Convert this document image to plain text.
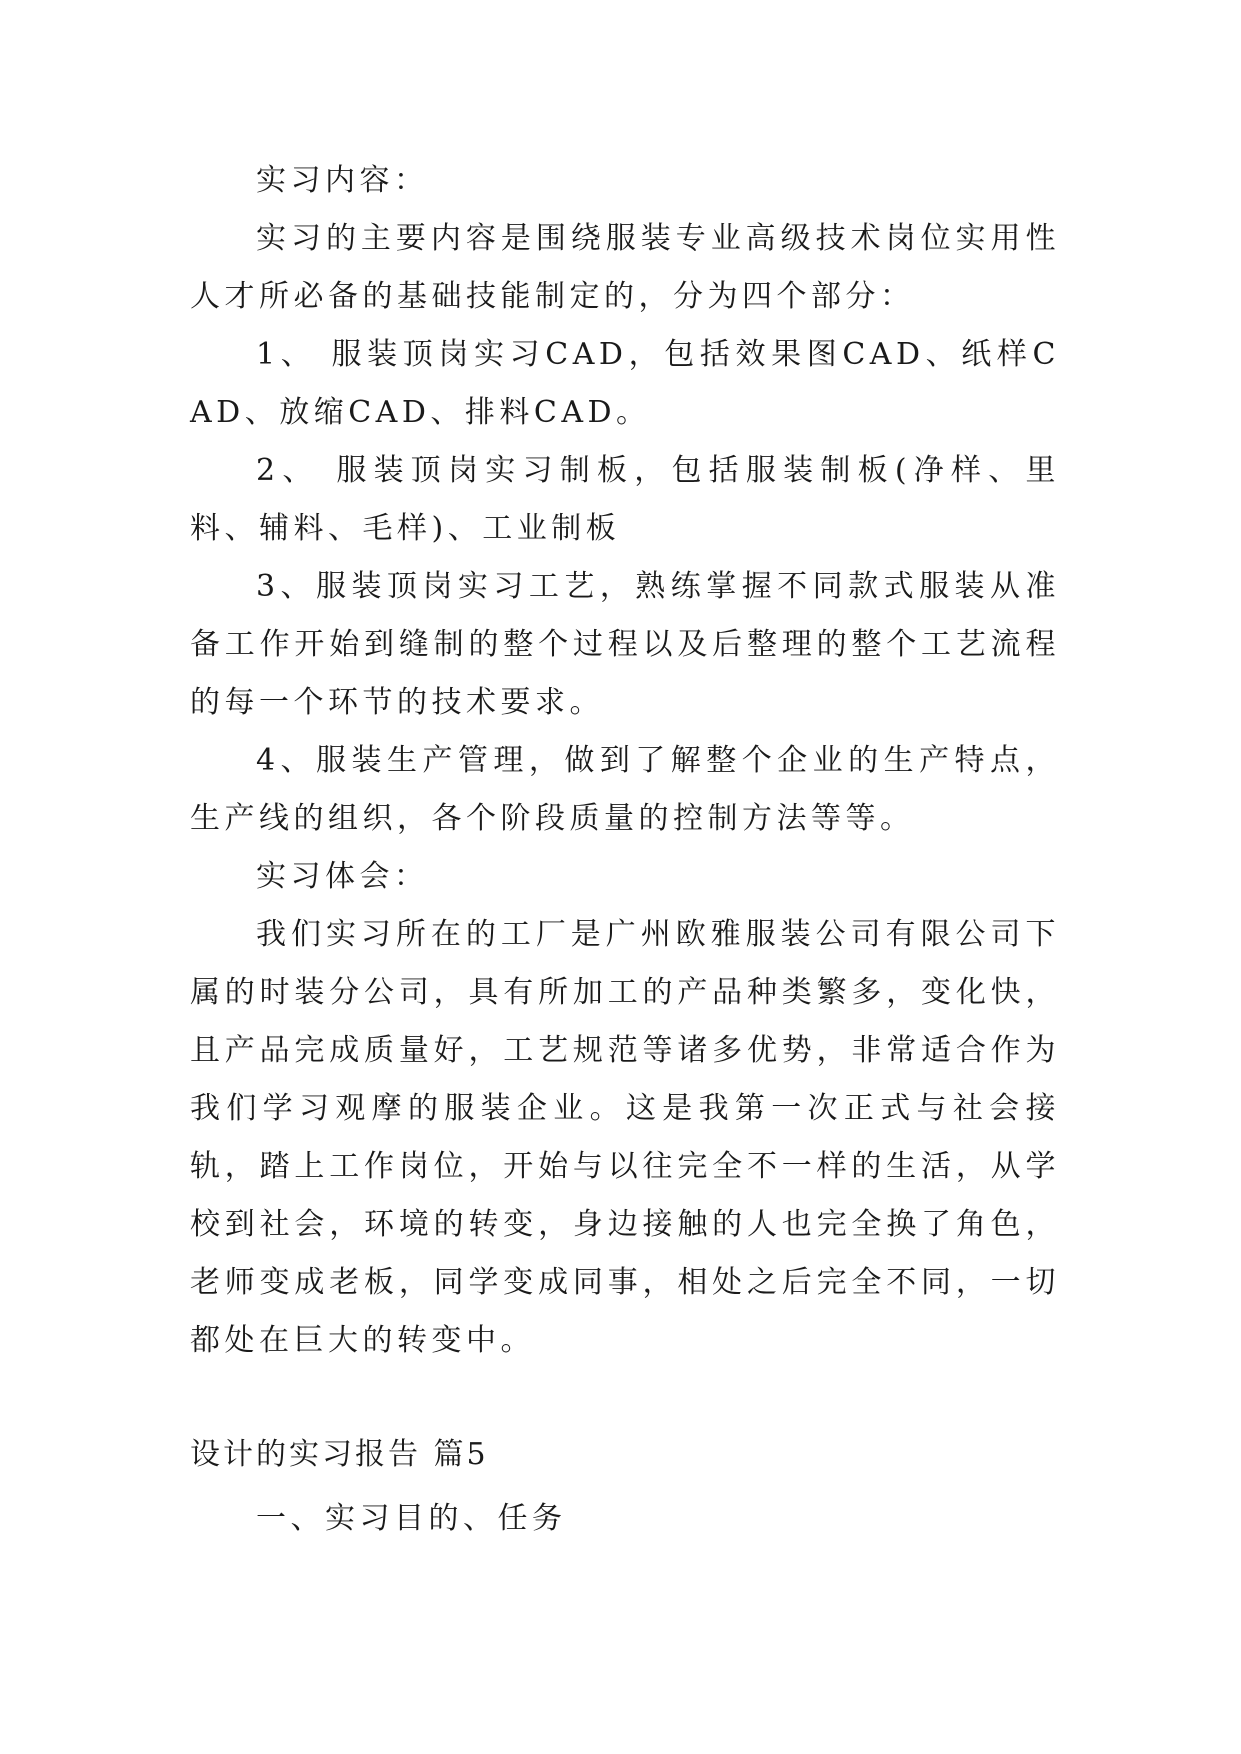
实习内容：

实习的主要内容是围绕服装专业高级技术岗位实用性人才所必备的基础技能制定的，分为四个部分：

1、 服装顶岗实习CAD，包括效果图CAD、纸样CAD、放缩CAD、排料CAD。

2、 服装顶岗实习制板，包括服装制板(净样、里料、辅料、毛样)、工业制板

3、服装顶岗实习工艺，熟练掌握不同款式服装从准备工作开始到缝制的整个过程以及后整理的整个工艺流程的每一个环节的技术要求。

4、服装生产管理，做到了解整个企业的生产特点，生产线的组织，各个阶段质量的控制方法等等。

实习体会：

我们实习所在的工厂是广州欧雅服装公司有限公司下属的时装分公司，具有所加工的产品种类繁多，变化快，且产品完成质量好，工艺规范等诸多优势，非常适合作为我们学习观摩的服装企业。这是我第一次正式与社会接轨，踏上工作岗位，开始与以往完全不一样的生活，从学校到社会，环境的转变，身边接触的人也完全换了角色，老师变成老板，同学变成同事，相处之后完全不同，一切都处在巨大的转变中。

设计的实习报告 篇5

一、实习目的、任务
